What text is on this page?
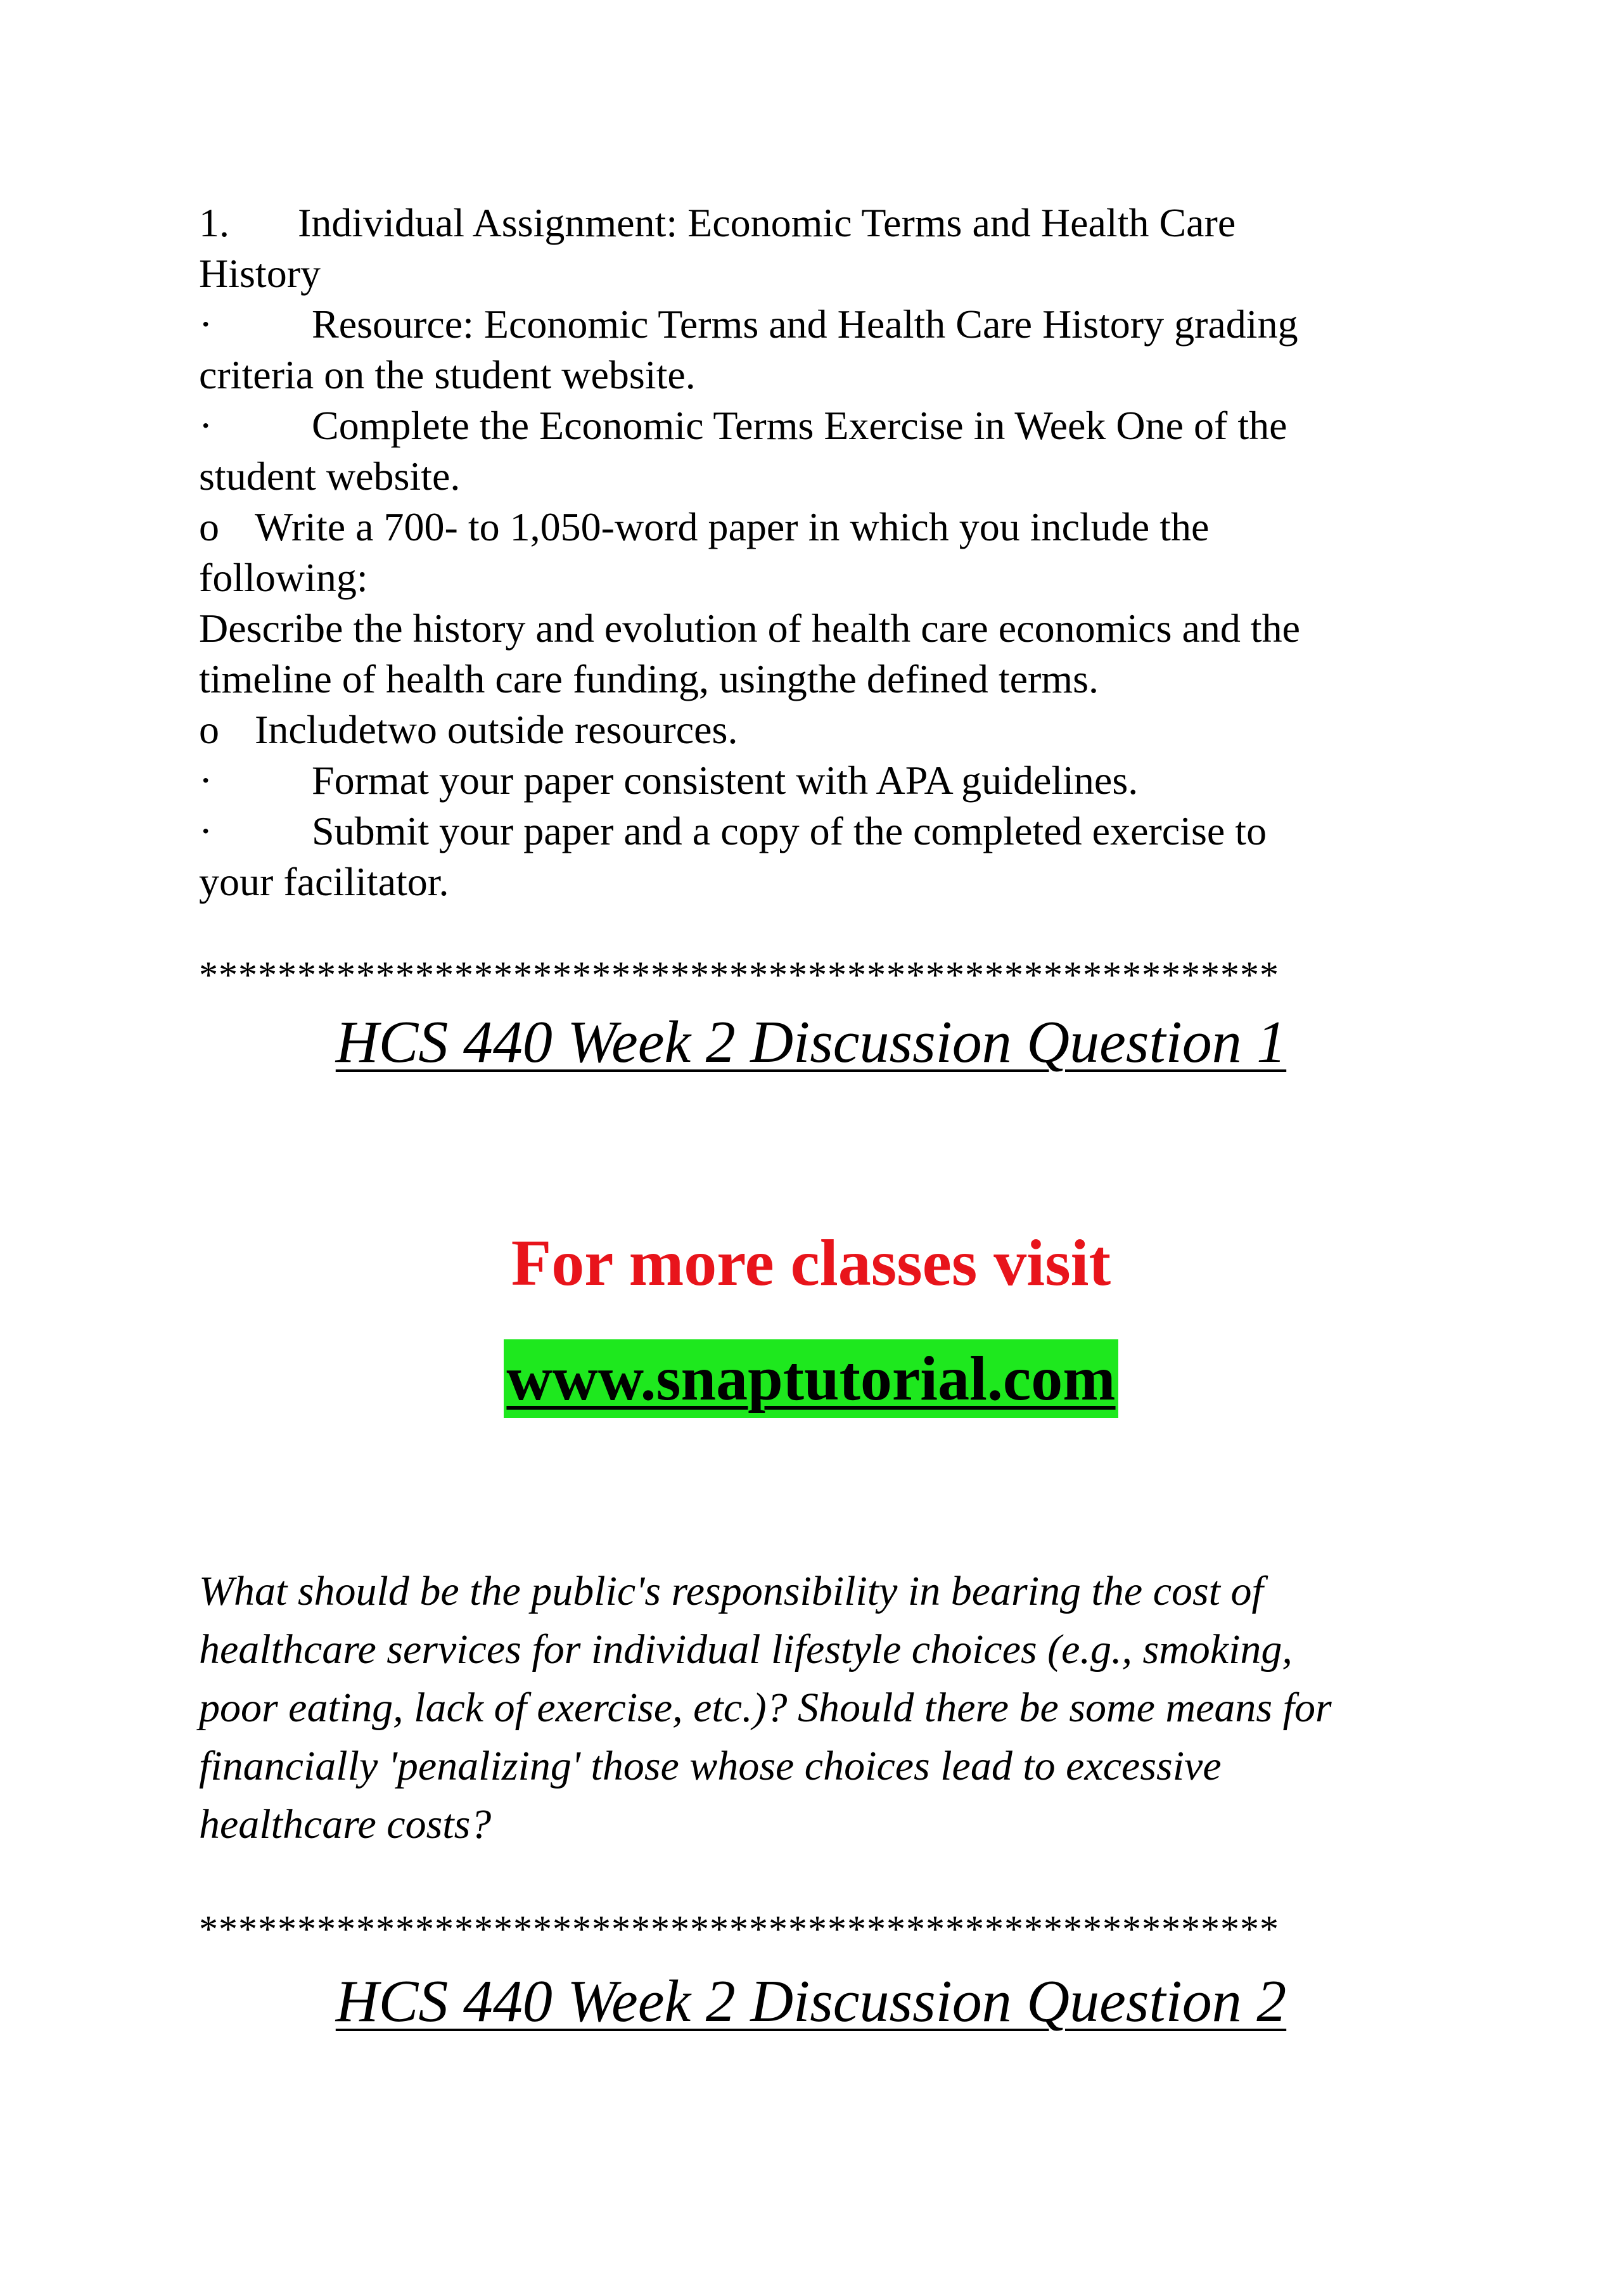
1. Individual Assignment: Economic Terms and Health Care
History
· Resource: Economic Terms and Health Care History grading
criteria on the student website.
· Complete the Economic Terms Exercise in Week One of the
student website.
o Write a 700- to 1,050-word paper in which you include the
following:
Describe the history and evolution of health care economics and the
timeline of health care funding, usingthe defined terms.
o Includetwo outside resources.
· Format your paper consistent with APA guidelines.
· Submit your paper and a copy of the completed exercise to
your facilitator.
*******************************************************
HCS 440 Week 2 Discussion Question 1
For more classes visit
www.snaptutorial.com
What should be the public's responsibility in bearing the cost of
healthcare services for individual lifestyle choices (e.g., smoking,
poor eating, lack of exercise, etc.)? Should there be some means for
financially 'penalizing' those whose choices lead to excessive
healthcare costs?
*******************************************************
HCS 440 Week 2 Discussion Question 2
